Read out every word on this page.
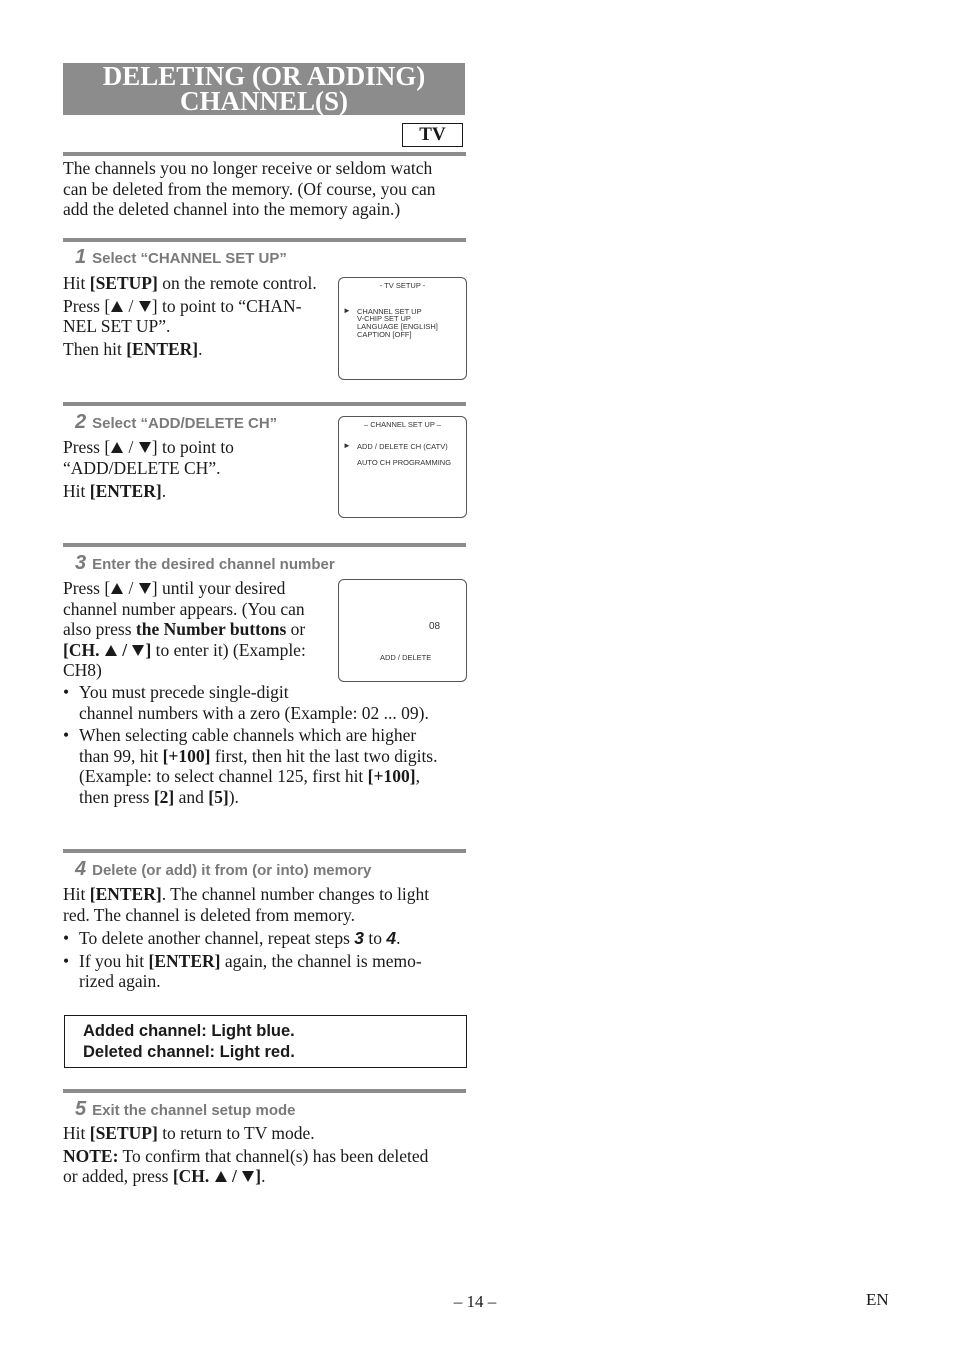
DELETING (OR ADDING)
CHANNEL(S)
TV
The channels you no longer receive or seldom watch
can be deleted from the memory. (Of course, you can
add the deleted channel into the memory again.)
1 Select “CHANNEL SET UP”
Hit [SETUP] on the remote control.
Press [ / ] to point to “CHAN-
NEL SET UP”.
Then hit [ENTER].
- TV SETUP -
► CHANNEL SET UP
V-CHIP SET UP
LANGUAGE [ENGLISH]
CAPTION [OFF]
2 Select “ADD/DELETE CH”
Press [ / ] to point to
“ADD/DELETE CH”.
Hit [ENTER].
– CHANNEL SET UP –
► ADD / DELETE CH (CATV)
AUTO CH PROGRAMMING
3 Enter the desired channel number
Press [ / ] until your desired
channel number appears. (You can
also press the Number buttons or
[CH.  / ] to enter it) (Example:
CH8)
08
ADD / DELETE
• You must precede single-digit
channel numbers with a zero (Example: 02 ... 09).
• When selecting cable channels which are higher
than 99, hit [+100] first, then hit the last two digits.
(Example: to select channel 125, first hit [+100],
then press [2] and [5]).
4 Delete (or add) it from (or into) memory
Hit [ENTER]. The channel number changes to light
red. The channel is deleted from memory.
• To delete another channel, repeat steps 3 to 4.
• If you hit [ENTER] again, the channel is memo-
rized again.
Added channel: Light blue.
Deleted channel: Light red.
5 Exit the channel setup mode
Hit [SETUP] to return to TV mode.
NOTE: To confirm that channel(s) has been deleted
or added, press [CH.  / ].
– 14 –	EN
